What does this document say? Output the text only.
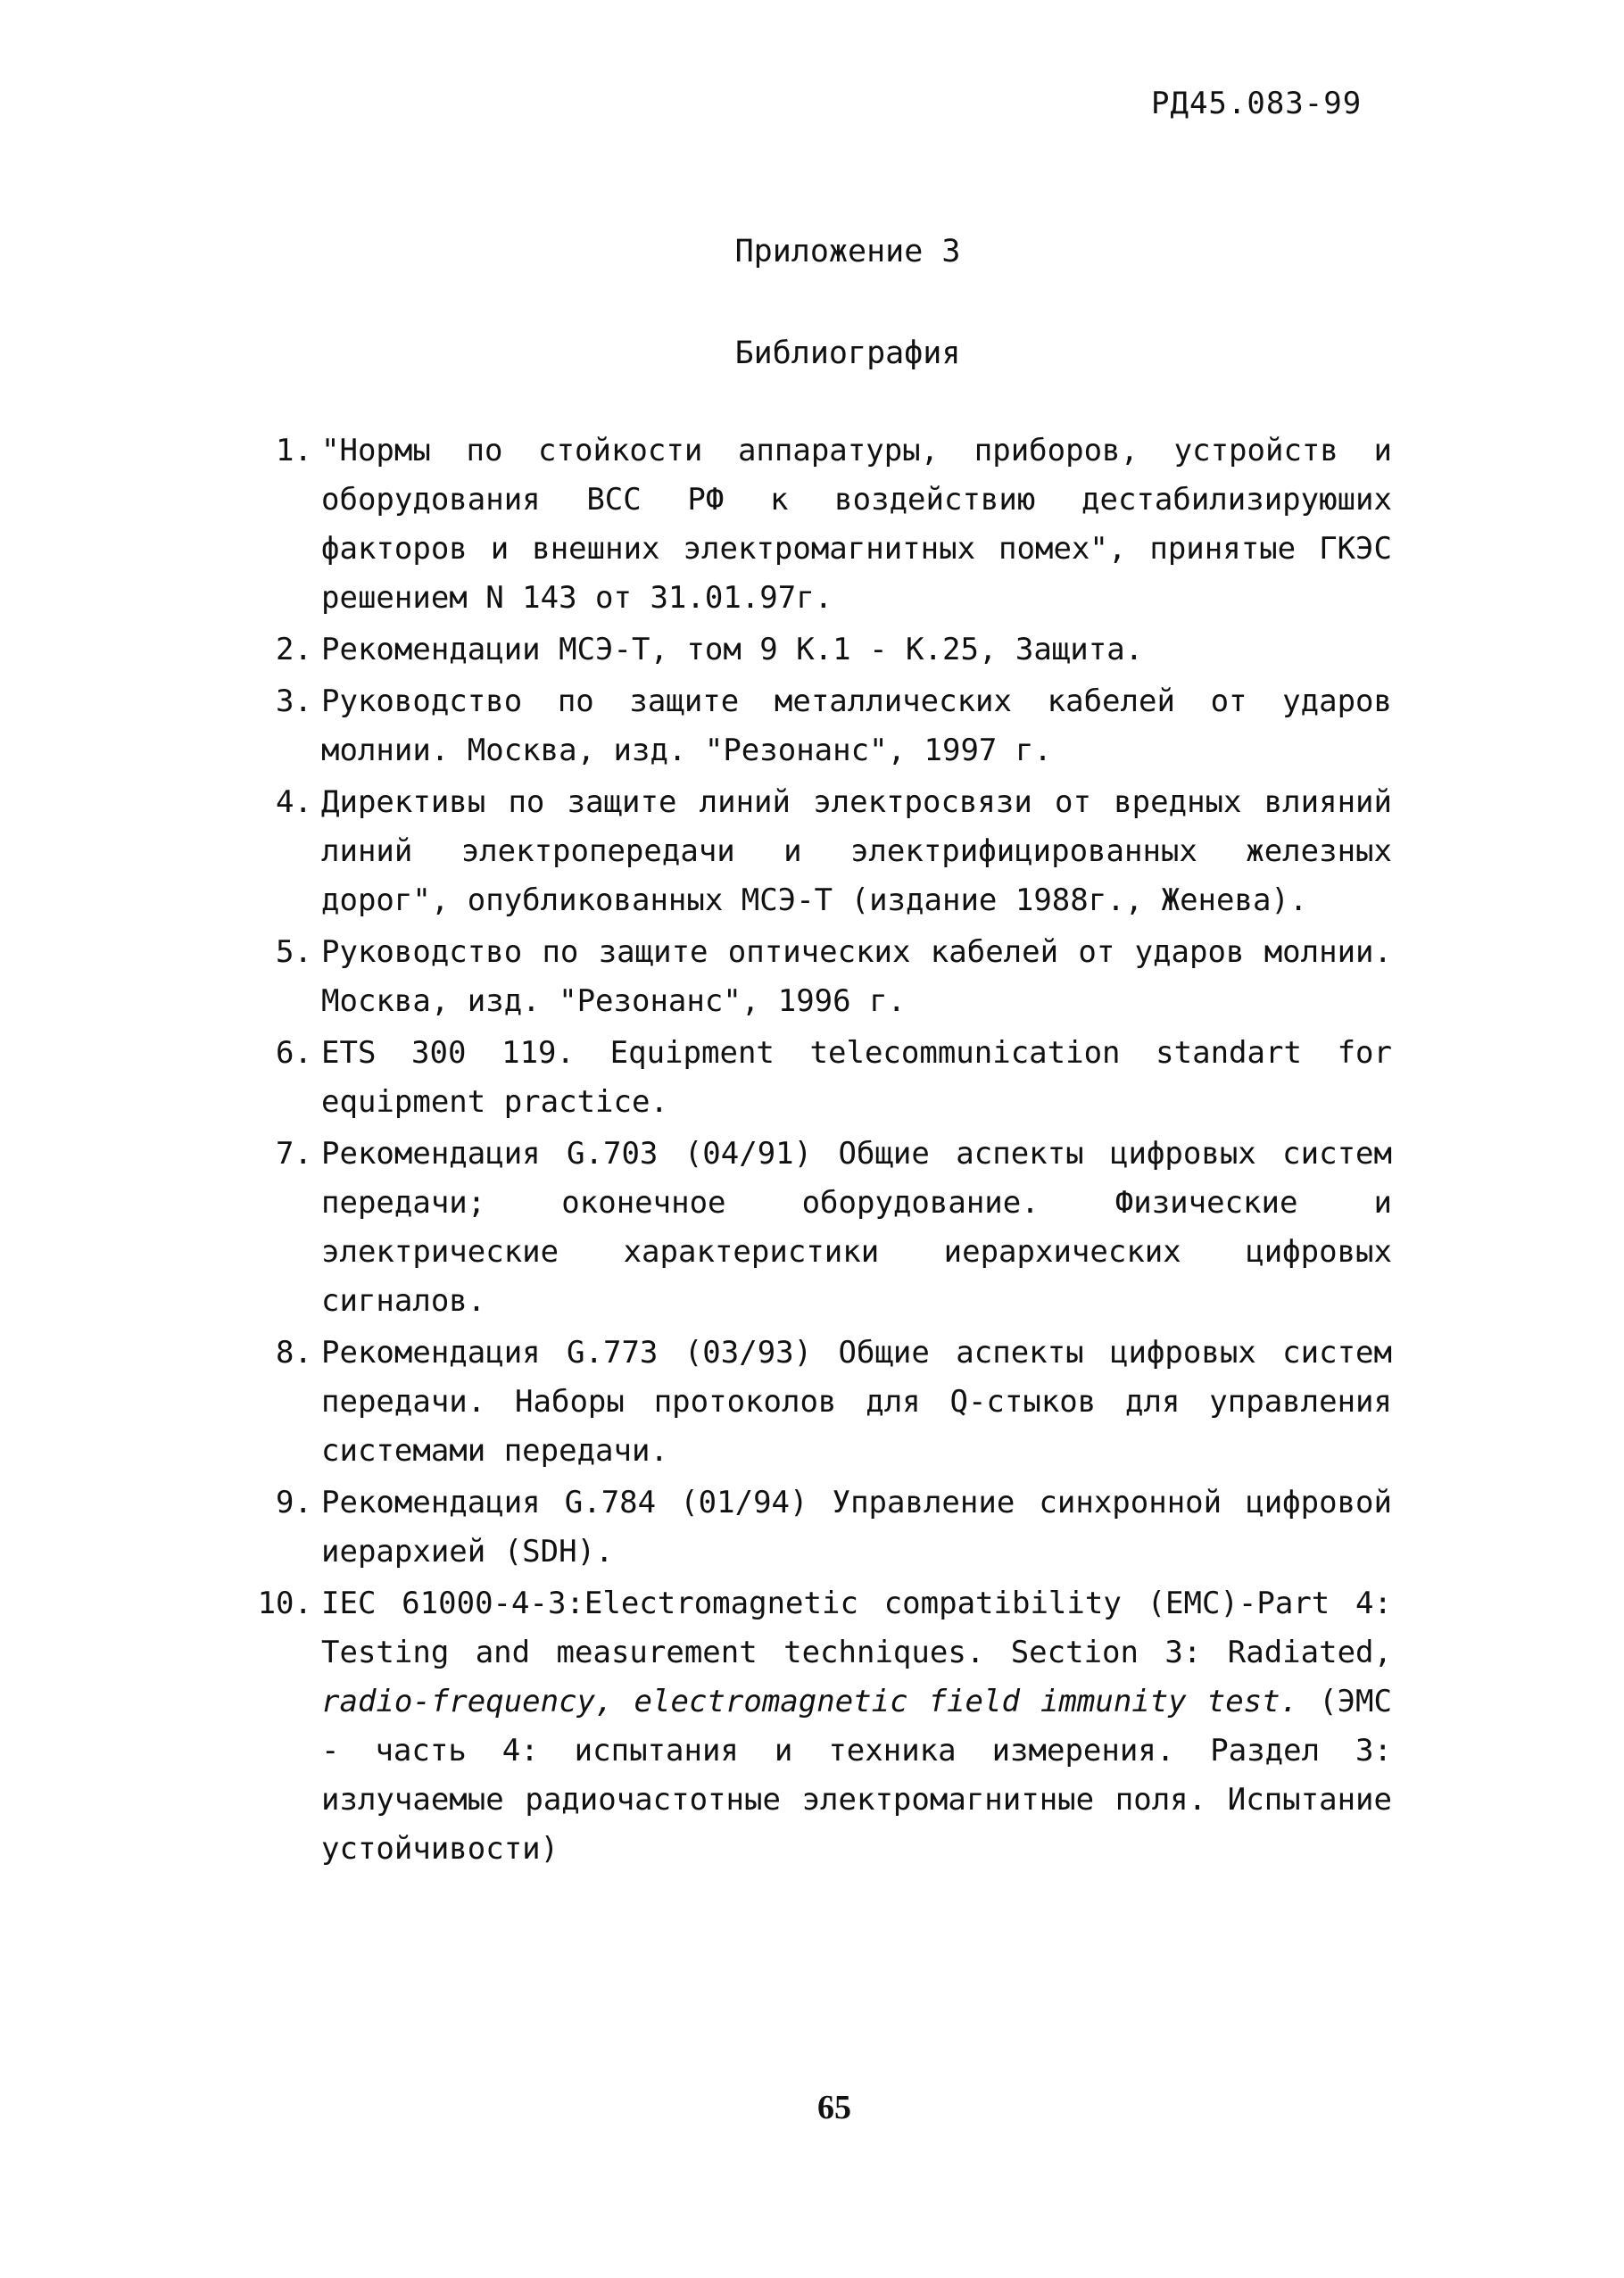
РД45.083-99
Приложение 3
Библиография
1. "Нормы по стойкости аппаратуры, приборов, устройств и оборудования ВСС РФ к воздействию дестабилизируюших факторов и внешних электромагнитных помех", принятые ГКЭС решением N 143 от 31.01.97г.
2. Рекомендации МСЭ-Т, том 9 К.1 - К.25, Защита.
3. Руководство по защите металлических кабелей от ударов молнии. Москва, изд. "Резонанс", 1997 г.
4. Директивы по защите линий электросвязи от вредных влияний линий электропередачи и электрифицированных железных дорог", опубликованных МСЭ-Т (издание 1988г., Женева).
5. Руководство по защите оптических кабелей от ударов молнии. Москва, изд. "Резонанс", 1996 г.
6. ETS 300 119. Equipment telecommunication standart for equipment practice.
7. Рекомендация G.703 (04/91) Общие аспекты цифровых систем передачи; оконечное оборудование. Физические и электрические характеристики иерархических цифровых сигналов.
8. Рекомендация G.773 (03/93) Общие аспекты цифровых систем передачи. Наборы протоколов для Q-стыков для управления системами передачи.
9. Рекомендация G.784 (01/94) Управление синхронной цифровой иерархией (SDH).
10. IEC 61000-4-3:Electromagnetic compatibility (EMC)-Part 4: Testing and measurement techniques. Section 3: Radiated, radio-frequency, electromagnetic field immunity test. (ЭМС - часть 4: испытания и техника измерения. Раздел 3: излучаемые радиочастотные электромагнитные поля. Испытание устойчивости)
65
